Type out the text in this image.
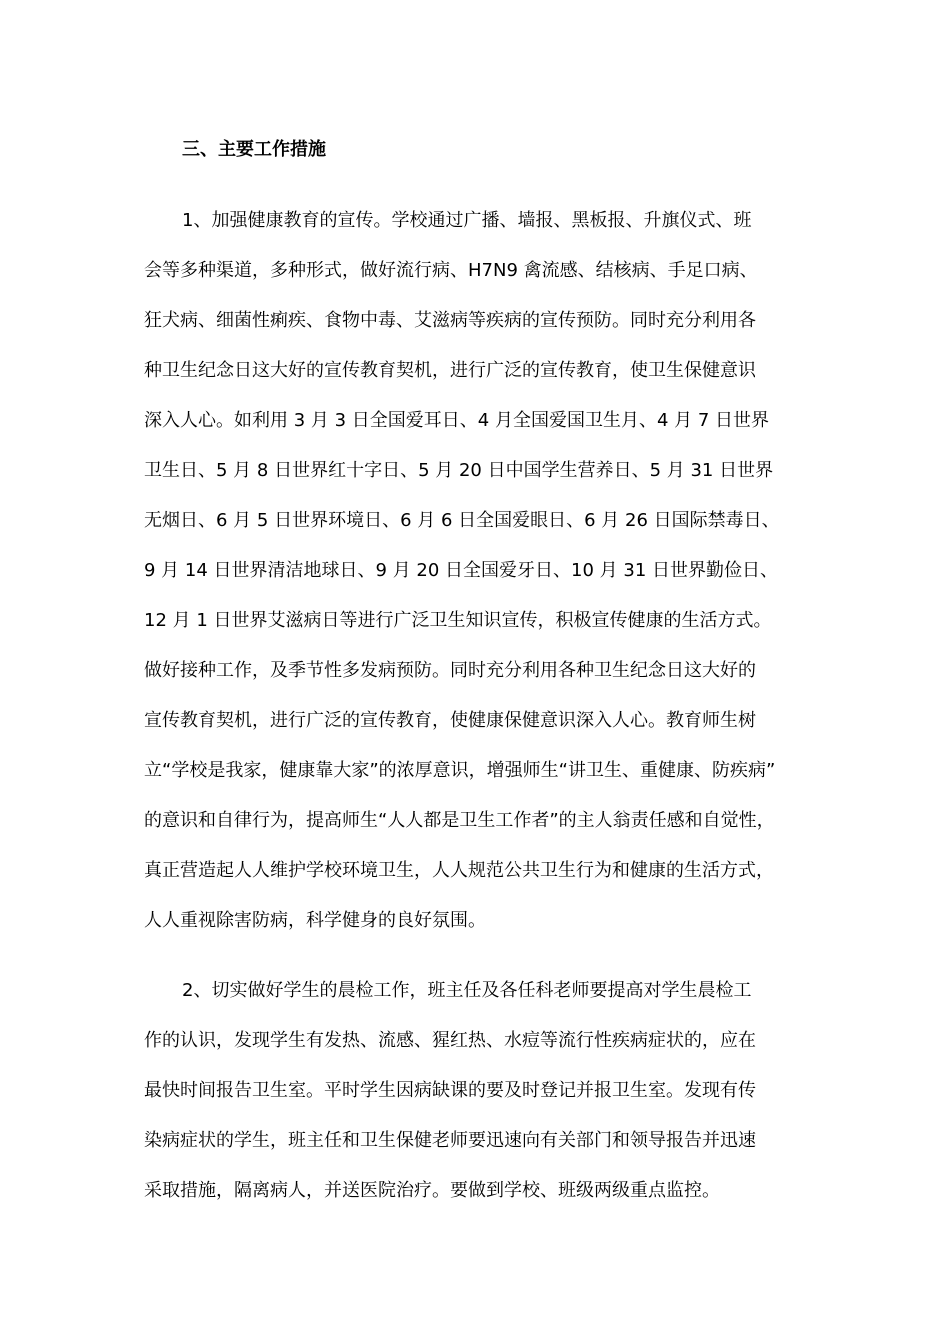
三、主要工作措施
1、加强健康教育的宣传。学校通过广播、墙报、黑板报、升旗仪式、班
会等多种渠道，多种形式，做好流行病、H7N9 禽流感、结核病、手足口病、
狂犬病、细菌性痢疾、食物中毒、艾滋病等疾病的宣传预防。同时充分利用各
种卫生纪念日这大好的宣传教育契机，进行广泛的宣传教育，使卫生保健意识
深入人心。如利用 3 月 3 日全国爱耳日、4 月全国爱国卫生月、4 月 7 日世界
卫生日、5 月 8 日世界红十字日、5 月 20 日中国学生营养日、5 月 31 日世界
无烟日、6 月 5 日世界环境日、6 月 6 日全国爱眼日、6 月 26 日国际禁毒日、
9 月 14 日世界清洁地球日、9 月 20 日全国爱牙日、10 月 31 日世界勤俭日、
12 月 1 日世界艾滋病日等进行广泛卫生知识宣传，积极宣传健康的生活方式。
做好接种工作，及季节性多发病预防。同时充分利用各种卫生纪念日这大好的
宣传教育契机，进行广泛的宣传教育，使健康保健意识深入人心。教育师生树
立“学校是我家，健康靠大家”的浓厚意识，增强师生“讲卫生、重健康、防疾病”
的意识和自律行为，提高师生“人人都是卫生工作者”的主人翁责任感和自觉性，
真正营造起人人维护学校环境卫生，人人规范公共卫生行为和健康的生活方式，
人人重视除害防病，科学健身的良好氛围。
2、切实做好学生的晨检工作，班主任及各任科老师要提高对学生晨检工
作的认识，发现学生有发热、流感、猩红热、水痘等流行性疾病症状的，应在
最快时间报告卫生室。平时学生因病缺课的要及时登记并报卫生室。发现有传
染病症状的学生，班主任和卫生保健老师要迅速向有关部门和领导报告并迅速
采取措施，隔离病人，并送医院治疗。要做到学校、班级两级重点监控。
